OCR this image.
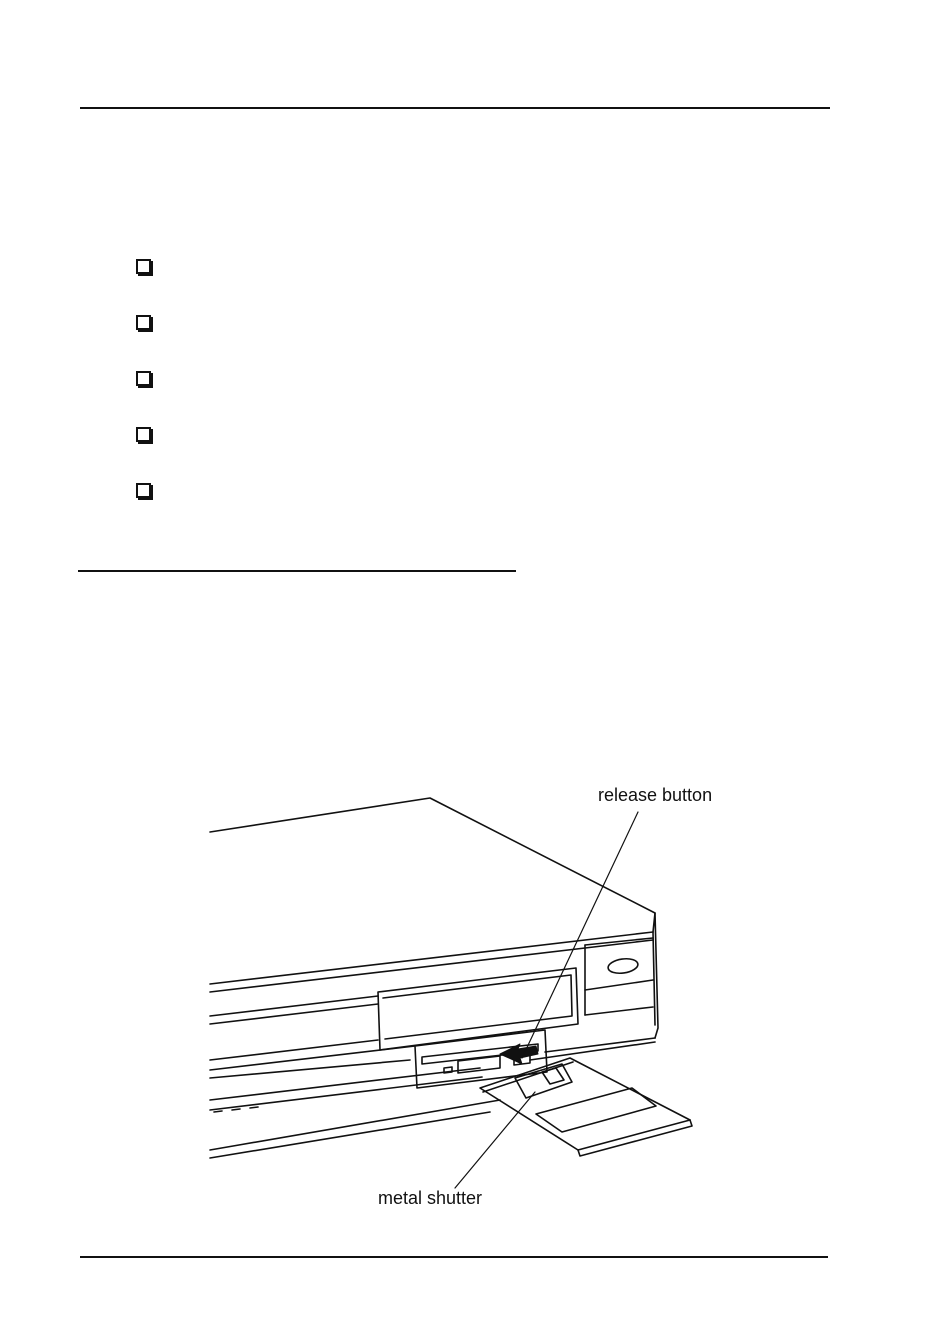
release button
metal shutter
